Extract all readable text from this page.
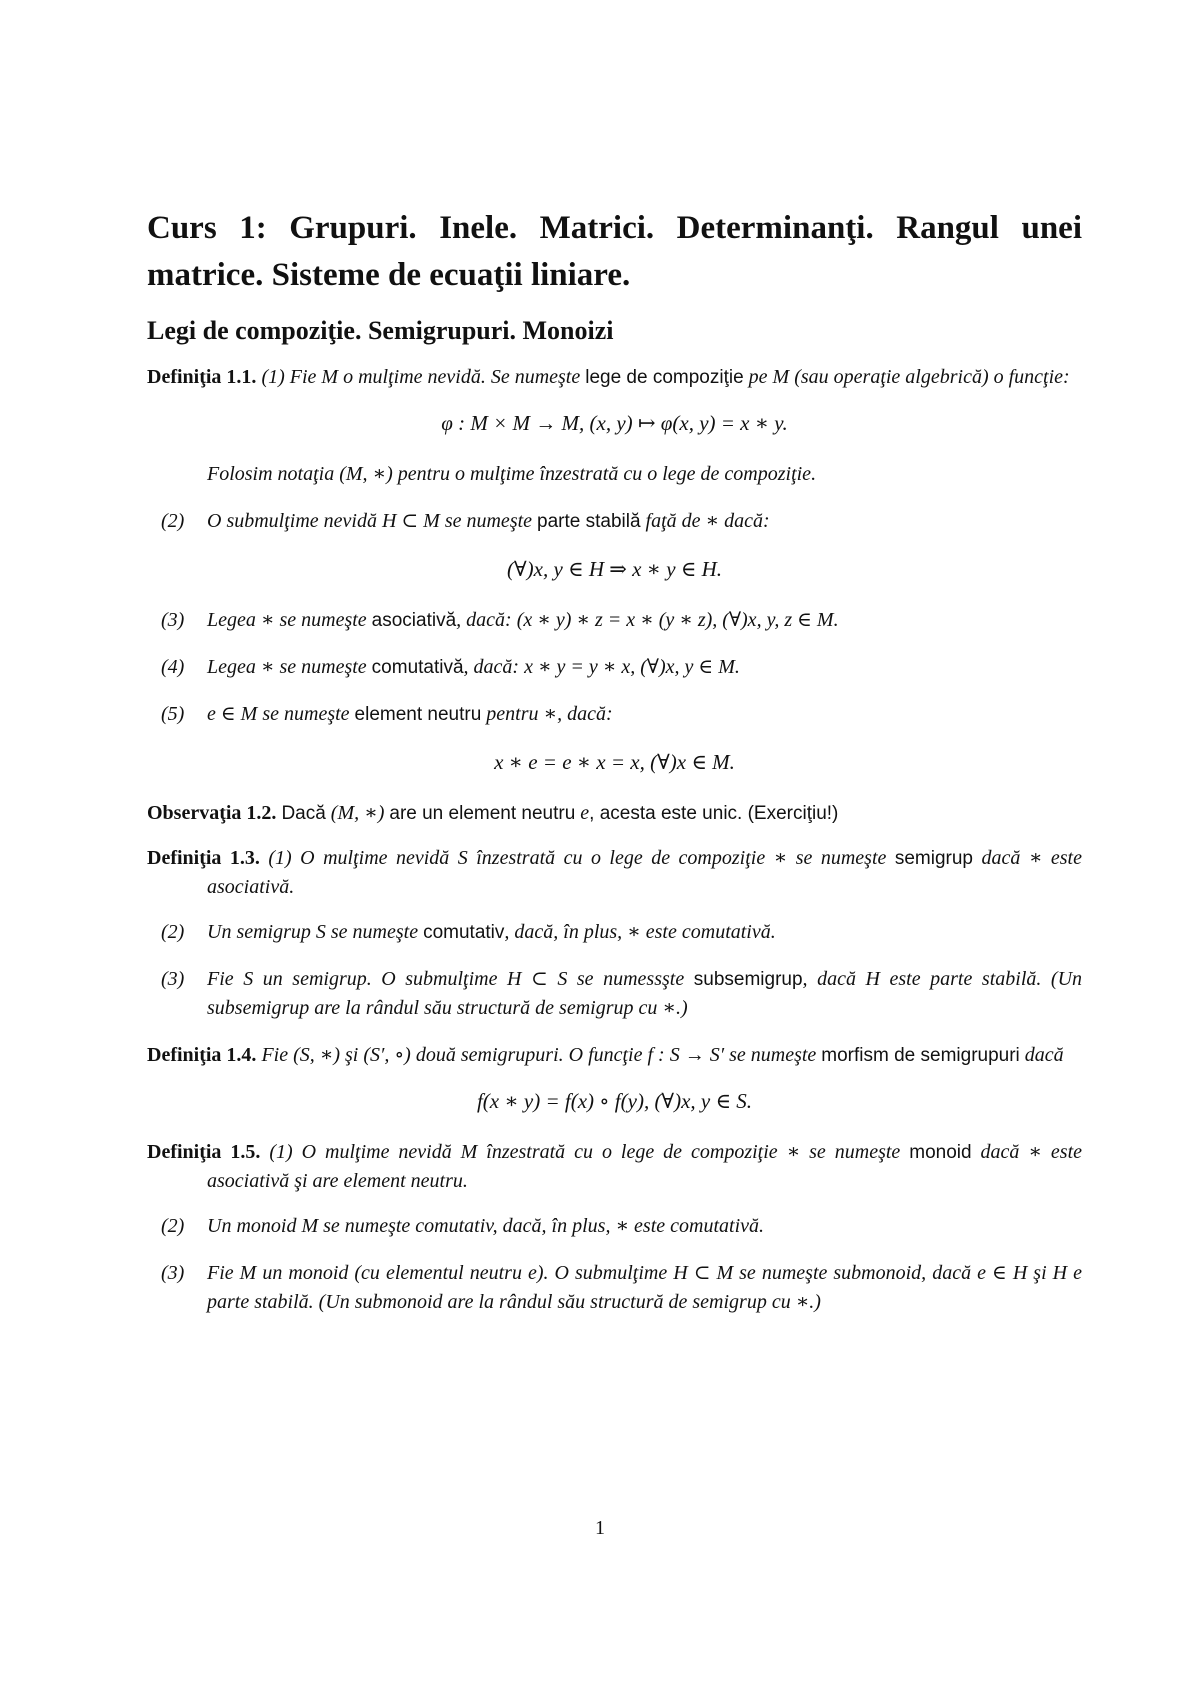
Curs 1: Grupuri. Inele. Matrici. Determinanţi. Rangul unei matrice. Sisteme de ecuaţii liniare.
Legi de compoziţie. Semigrupuri. Monoizi
Definiţia 1.1. (1) Fie M o mulţime nevidă. Se numeşte lege de compoziţie pe M (sau operaţie algebrică) o funcţie:
φ : M × M → M, (x, y) ↦ φ(x, y) = x ∗ y.
Folosim notaţia (M, ∗) pentru o mulţime înzestrată cu o lege de compoziţie.
(2) O submulţime nevidă H ⊂ M se numeşte parte stabilă faţă de ∗ dacă:
(∀)x, y ∈ H ⇒ x ∗ y ∈ H.
(3) Legea ∗ se numeşte asociativă, dacă: (x ∗ y) ∗ z = x ∗ (y ∗ z), (∀)x, y, z ∈ M.
(4) Legea ∗ se numeşte comutativă, dacă: x ∗ y = y ∗ x, (∀)x, y ∈ M.
(5) e ∈ M se numeşte element neutru pentru ∗, dacă:
x ∗ e = e ∗ x = x, (∀)x ∈ M.
Observaţia 1.2. Dacă (M, ∗) are un element neutru e, acesta este unic. (Exerciţiu!)
Definiţia 1.3. (1) O mulţime nevidă S înzestrată cu o lege de compoziţie ∗ se numeşte semigrup dacă ∗ este asociativă.
(2) Un semigrup S se numeşte comutativ, dacă, în plus, ∗ este comutativă.
(3) Fie S un semigrup. O submulţime H ⊂ S se numessşte subsemigrup, dacă H este parte stabilă. (Un subsemigrup are la rândul său structură de semigrup cu ∗.)
Definiţia 1.4. Fie (S, ∗) şi (S′, ∘) două semigrupuri. O funcţie f : S → S′ se numeşte morfism de semigrupuri dacă
f(x ∗ y) = f(x) ∘ f(y), (∀)x, y ∈ S.
Definiţia 1.5. (1) O mulţime nevidă M înzestrată cu o lege de compoziţie ∗ se numeşte monoid dacă ∗ este asociativă şi are element neutru.
(2) Un monoid M se numeşte comutativ, dacă, în plus, ∗ este comutativă.
(3) Fie M un monoid (cu elementul neutru e). O submulţime H ⊂ M se numeşte submonoid, dacă e ∈ H şi H e parte stabilă. (Un submonoid are la rândul său structură de semigrup cu ∗.)
1
